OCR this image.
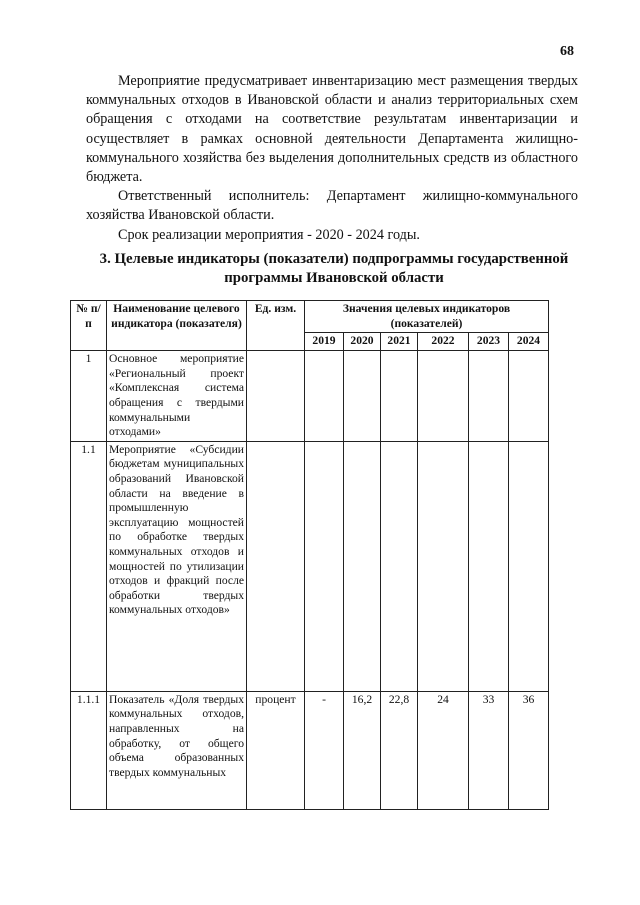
68

Мероприятие предусматривает инвентаризацию мест размещения твердых коммунальных отходов в Ивановской области и анализ территориальных схем обращения с отходами на соответствие результатам инвентаризации и осуществляет в рамках основной деятельности Департамента жилищно-коммунального хозяйства без выделения дополнительных средств из областного бюджета.

Ответственный исполнитель: Департамент жилищно-коммунального хозяйства Ивановской области.

Срок реализации мероприятия - 2020 - 2024 годы.

3. Целевые индикаторы (показатели) подпрограммы государственной программы Ивановской области
№ п/п	Наименование целевого индикатора (показателя)	Ед. изм.	Значения целевых индикаторов (показателей)					
			2019	2020	2021	2022	2023	2024
1	Основное мероприятие «Региональный проект «Комплексная система обращения с твердыми коммунальными отходами»							
1.1	Мероприятие «Субсидии бюджетам муниципальных образований Ивановской области на введение в промышленную эксплуатацию мощностей по обработке твердых коммунальных отходов и мощностей по утилизации отходов и фракций после обработки твердых коммунальных отходов»							
1.1.1	Показатель «Доля твердых коммунальных отходов, направленных на обработку, от общего объема образованных твердых коммунальных	процент	-	16,2	22,8	24	33	36
